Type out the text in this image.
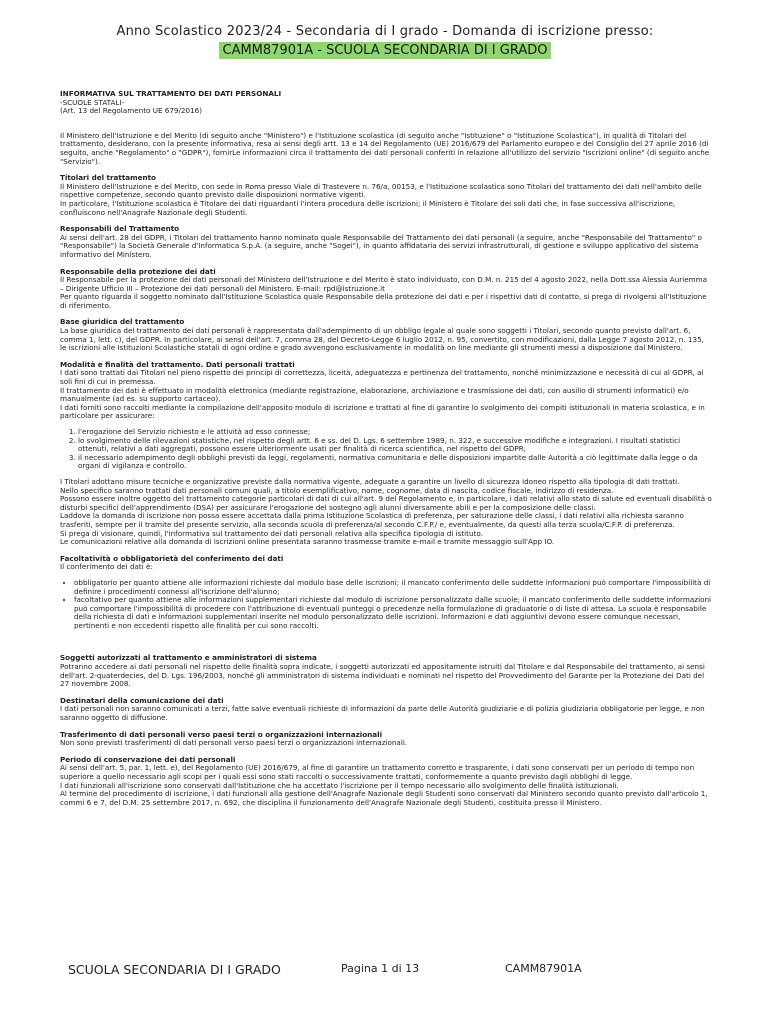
Anno Scolastico 2023/24 - Secondaria di I grado - Domanda di iscrizione presso:
CAMM87901A - SCUOLA SECONDARIA DI I GRADO

INFORMATIVA SUL TRATTAMENTO DEI DATI PERSONALI

-SCUOLE STATALI-

(Art. 13 del Regolamento UE 679/2016)

Il Ministero dell'Istruzione e del Merito (di seguito anche "Ministero") e l'Istituzione scolastica (di seguito anche "Istituzione" o "Istituzione Scolastica"), in qualità di Titolari del trattamento, desiderano, con la presente informativa, resa ai sensi degli artt. 13 e 14 del Regolamento (UE) 2016/679 del Parlamento europeo e del Consiglio del 27 aprile 2016 (di seguito, anche "Regolamento" o "GDPR"), fornirLe informazioni circa il trattamento dei dati personali conferiti in relazione all'utilizzo del servizio "Iscrizioni online" (di seguito anche "Servizio").

Titolari del trattamento

Il Ministero dell'Istruzione e del Merito, con sede in Roma presso Viale di Trastevere n. 76/a, 00153, e l'Istituzione scolastica sono Titolari del trattamento dei dati nell'ambito delle rispettive competenze, secondo quanto previsto dalle disposizioni normative vigenti.

In particolare, l'Istituzione scolastica è Titolare dei dati riguardanti l'intera procedura delle iscrizioni; il Ministero è Titolare dei soli dati che, in fase successiva all'iscrizione, confluiscono nell'Anagrafe Nazionale degli Studenti.

Responsabili del Trattamento

Ai sensi dell'art. 28 del GDPR, i Titolari del trattamento hanno nominato quale Responsabile del Trattamento dei dati personali (a seguire, anche "Responsabile del Trattamento" o "Responsabile") la Società Generale d'Informatica S.p.A. (a seguire, anche "Sogei"), in quanto affidataria dei servizi infrastrutturali, di gestione e sviluppo applicativo del sistema informativo del Ministero.

Responsabile della protezione dei dati

Il Responsabile per la protezione dei dati personali del Ministero dell'Istruzione e del Merito è stato individuato, con D.M. n. 215 del 4 agosto 2022, nella Dott.ssa Alessia Auriemma – Dirigente Ufficio III – Protezione dei dati personali del Ministero. E-mail: rpd@istruzione.it

Per quanto riguarda il soggetto nominato dall'Istituzione Scolastica quale Responsabile della protezione dei dati e per i rispettivi dati di contatto, si prega di rivolgersi all'Istituzione di riferimento.

Base giuridica del trattamento

La base giuridica del trattamento dei dati personali è rappresentata dall'adempimento di un obbligo legale al quale sono soggetti i Titolari, secondo quanto previsto dall'art. 6, comma 1, lett. c), del GDPR. In particolare, ai sensi dell'art. 7, comma 28, del Decreto-Legge 6 luglio 2012, n. 95, convertito, con modificazioni, dalla Legge 7 agosto 2012, n. 135, le iscrizioni alle Istituzioni Scolastiche statali di ogni ordine e grado avvengono esclusivamente in modalità on line mediante gli strumenti messi a disposizione dal Ministero.

Modalità e finalità del trattamento. Dati personali trattati

I dati sono trattati dai Titolari nel pieno rispetto dei principi di correttezza, liceità, adeguatezza e pertinenza del trattamento, nonché minimizzazione e necessità di cui al GDPR, ai soli fini di cui in premessa.

Il trattamento dei dati è effettuato in modalità elettronica (mediante registrazione, elaborazione, archiviazione e trasmissione dei dati, con ausilio di strumenti informatici) e/o manualmente (ad es. su supporto cartaceo).

I dati forniti sono raccolti mediante la compilazione dell'apposito modulo di iscrizione e trattati al fine di garantire lo svolgimento dei compiti istituzionali in materia scolastica, e in particolare per assicurare:

1. l'erogazione del Servizio richiesto e le attività ad esso connesse;
2. lo svolgimento delle rilevazioni statistiche, nel rispetto degli artt. 6 e ss. del D. Lgs. 6 settembre 1989, n. 322, e successive modifiche e integrazioni. I risultati statistici ottenuti, relativi a dati aggregati, possono essere ulteriormente usati per finalità di ricerca scientifica, nel rispetto del GDPR;
3. il necessario adempimento degli obblighi previsti da leggi, regolamenti, normativa comunitaria e delle disposizioni impartite dalle Autorità a ciò legittimate dalla legge o da organi di vigilanza e controllo.

I Titolari adottano misure tecniche e organizzative previste dalla normativa vigente, adeguate a garantire un livello di sicurezza idoneo rispetto alla tipologia di dati trattati.

Nello specifico saranno trattati dati personali comuni quali, a titolo esemplificativo, nome, cognome, data di nascita, codice fiscale, indirizzo di residenza.

Possono essere inoltre oggetto del trattamento categorie particolari di dati di cui all'art. 9 del Regolamento e, in particolare, i dati relativi allo stato di salute ed eventuali disabilità o disturbi specifici dell'apprendimento (DSA) per assicurare l'erogazione del sostegno agli alunni diversamente abili e per la composizione delle classi.

Laddove la domanda di iscrizione non possa essere accettata dalla prima Istituzione Scolastica di preferenza, per saturazione delle classi, i dati relativi alla richiesta saranno trasferiti, sempre per il tramite del presente servizio, alla seconda scuola di preferenza/al secondo C.F.P./ e, eventualmente, da questi alla terza scuola/C.F.P. di preferenza.

Si prega di visionare, quindi, l'informativa sul trattamento dei dati personali relativa alla specifica tipologia di istituto.

Le comunicazioni relative alla domanda di iscrizioni online presentata saranno trasmesse tramite e-mail e tramite messaggio sull'App IO.

Facoltatività o obbligatorietà del conferimento dei dati

Il conferimento dei dati è:

• obbligatorio per quanto attiene alle informazioni richieste dal modulo base delle iscrizioni; il mancato conferimento delle suddette informazioni può comportare l'impossibilità di definire i procedimenti connessi all'iscrizione dell'alunno;
• facoltativo per quanto attiene alle informazioni supplementari richieste dal modulo di iscrizione personalizzato dalle scuole; il mancato conferimento delle suddette informazioni può comportare l'impossibilità di procedere con l'attribuzione di eventuali punteggi o precedenze nella formulazione di graduatorie o di liste di attesa. La scuola è responsabile della richiesta di dati e informazioni supplementari inserite nel modulo personalizzato delle iscrizioni. Informazioni e dati aggiuntivi devono essere comunque necessari, pertinenti e non eccedenti rispetto alle finalità per cui sono raccolti.

Soggetti autorizzati al trattamento e amministratori di sistema

Potranno accedere ai dati personali nel rispetto delle finalità sopra indicate, i soggetti autorizzati ed appositamente istruiti dal Titolare e dal Responsabile del trattamento, ai sensi dell'art. 2-quaterdecies, del D. Lgs. 196/2003, nonché gli amministratori di sistema individuati e nominati nel rispetto del Provvedimento del Garante per la Protezione dei Dati del 27 novembre 2008.

Destinatari della comunicazione dei dati

I dati personali non saranno comunicati a terzi, fatte salve eventuali richieste di informazioni da parte delle Autorità giudiziarie e di polizia giudiziaria obbligatorie per legge, e non saranno oggetto di diffusione.

Trasferimento di dati personali verso paesi terzi o organizzazioni internazionali

Non sono previsti trasferimenti di dati personali verso paesi terzi o organizzazioni internazionali.

Periodo di conservazione dei dati personali

Ai sensi dell'art. 5, par. 1, lett. e), del Regolamento (UE) 2016/679, al fine di garantire un trattamento corretto e trasparente, i dati sono conservati per un periodo di tempo non superiore a quello necessario agli scopi per i quali essi sono stati raccolti o successivamente trattati, conformemente a quanto previsto dagli obblighi di legge.

I dati funzionali all'iscrizione sono conservati dall'Istituzione che ha accettato l'iscrizione per il tempo necessario allo svolgimento delle finalità istituzionali.

Al termine del procedimento di iscrizione, i dati funzionali alla gestione dell'Anagrafe Nazionale degli Studenti sono conservati dal Ministero secondo quanto previsto dall'articolo 1, commi 6 e 7, del D.M. 25 settembre 2017, n. 692, che disciplina il funzionamento dell'Anagrafe Nazionale degli Studenti, costituita presso il Ministero.

SCUOLA SECONDARIA DI I GRADO	Pagina 1 di 13	CAMM87901A
